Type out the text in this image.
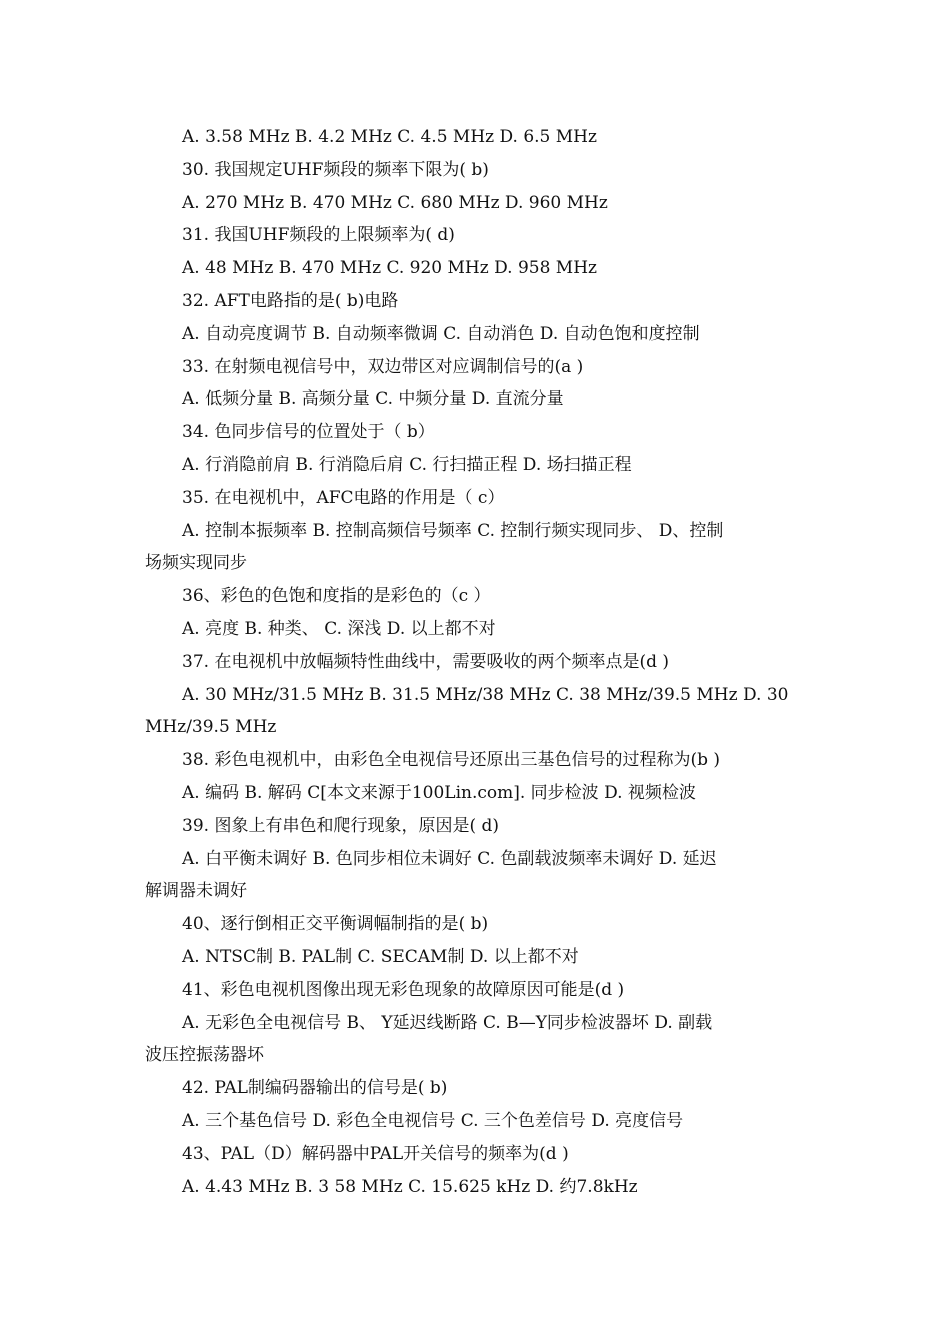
A. 3.58 MHz B. 4.2 MHz C. 4.5 MHz D. 6.5 MHz
30. 我国规定UHF频段的频率下限为( b)
A. 270 MHz B. 470 MHz C. 680 MHz D. 960 MHz
31. 我国UHF频段的上限频率为( d)
A. 48 MHz B. 470 MHz C. 920 MHz D. 958 MHz
32. AFT电路指的是( b)电路
A. 自动亮度调节 B. 自动频率微调 C. 自动消色 D. 自动色饱和度控制
33. 在射频电视信号中，双边带区对应调制信号的(a )
A. 低频分量 B. 高频分量 C. 中频分量 D. 直流分量
34. 色同步信号的位置处于（ b）
A. 行消隐前肩 B. 行消隐后肩 C. 行扫描正程 D. 场扫描正程
35. 在电视机中，AFC电路的作用是（ c）
A. 控制本振频率 B. 控制高频信号频率 C. 控制行频实现同步、 D、控制
场频实现同步
36、彩色的色饱和度指的是彩色的（c ）
A. 亮度 B. 种类、 C. 深浅 D. 以上都不对
37. 在电视机中放幅频特性曲线中，需要吸收的两个频率点是(d )
A. 30 MHz/31.5 MHz B. 31.5 MHz/38 MHz C. 38 MHz/39.5 MHz D. 30
MHz/39.5 MHz
38. 彩色电视机中，由彩色全电视信号还原出三基色信号的过程称为(b )
A. 编码 B. 解码 C[本文来源于100Lin.com]. 同步检波 D. 视频检波
39. 图象上有串色和爬行现象，原因是( d)
A. 白平衡未调好 B. 色同步相位未调好 C. 色副载波频率未调好 D. 延迟
解调器未调好
40、逐行倒相正交平衡调幅制指的是( b)
A. NTSC制 B. PAL制 C. SECAM制 D. 以上都不对
41、彩色电视机图像出现无彩色现象的故障原因可能是(d )
A. 无彩色全电视信号 B、 Y延迟线断路 C. B—Y同步检波器坏 D. 副载
波压控振荡器坏
42. PAL制编码器输出的信号是( b)
A. 三个基色信号 D. 彩色全电视信号 C. 三个色差信号 D. 亮度信号
43、PAL（D）解码器中PAL开关信号的频率为(d )
A. 4.43 MHz B. 3 58 MHz C. 15.625 kHz D. 约7.8kHz
